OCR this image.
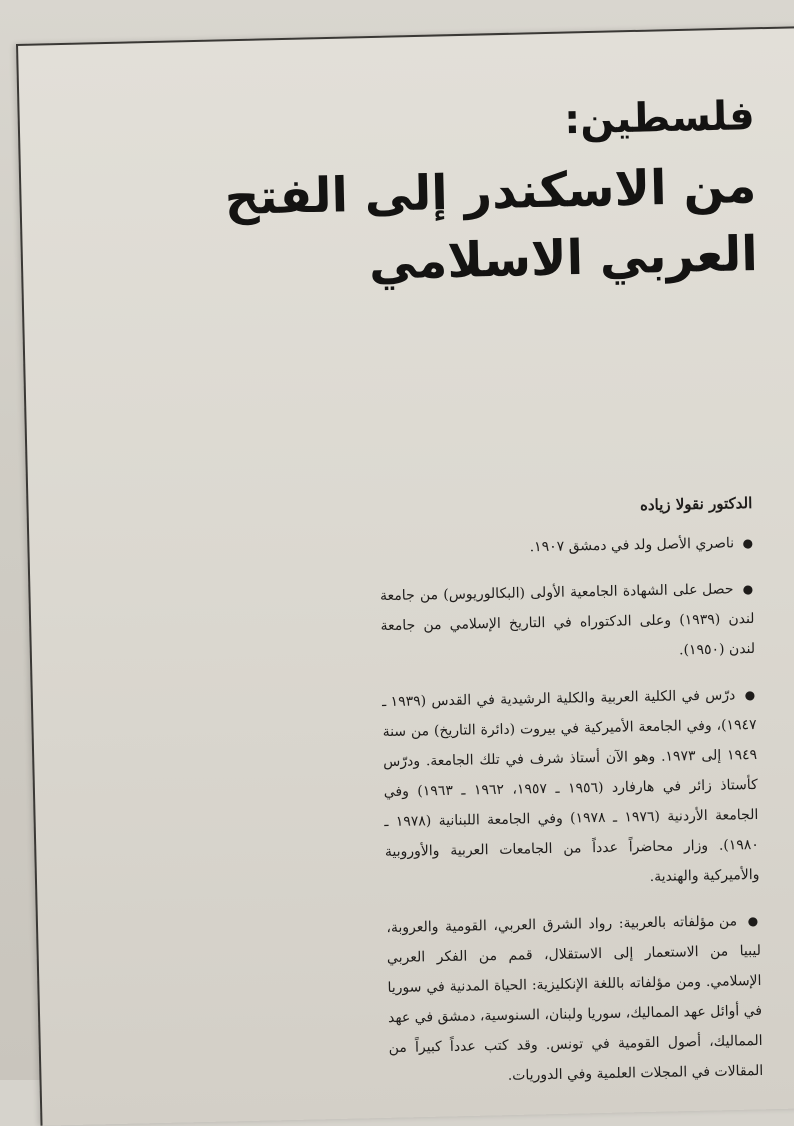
فلسطين:
من الاسكندر إلى الفتح العربي الاسلامي
الدكتور نقولا زياده

● ناصري الأصل ولد في دمشق ١٩٠٧.

● حصل على الشهادة الجامعية الأولى (البكالوريوس) من جامعة لندن (١٩٣٩) وعلى الدكتوراه في التاريخ الإسلامي من جامعة لندن (١٩٥٠).

● درّس في الكلية العربية والكلية الرشيدية في القدس (١٩٣٩ ـ ١٩٤٧)، وفي الجامعة الأميركية في بيروت (دائرة التاريخ) من سنة ١٩٤٩ إلى ١٩٧٣. وهو الآن أستاذ شرف في تلك الجامعة. ودرّس كأستاذ زائر في هارفارد (١٩٥٦ ـ ١٩٥٧، ١٩٦٢ ـ ١٩٦٣) وفي الجامعة الأردنية (١٩٧٦ ـ ١٩٧٨) وفي الجامعة اللبنانية (١٩٧٨ ـ ١٩٨٠). وزار محاضراً عدداً من الجامعات العربية والأوروبية والأميركية والهندية.

● من مؤلفاته بالعربية: رواد الشرق العربي، القومية والعروبة، ليبيا من الاستعمار إلى الاستقلال، قمم من الفكر العربي الإسلامي. ومن مؤلفاته باللغة الإنكليزية: الحياة المدنية في سوريا في أوائل عهد المماليك، سوريا ولبنان، السنوسية، دمشق في عهد المماليك، أصول القومية في تونس. وقد كتب عدداً كبيراً من المقالات في المجلات العلمية وفي الدوريات.
